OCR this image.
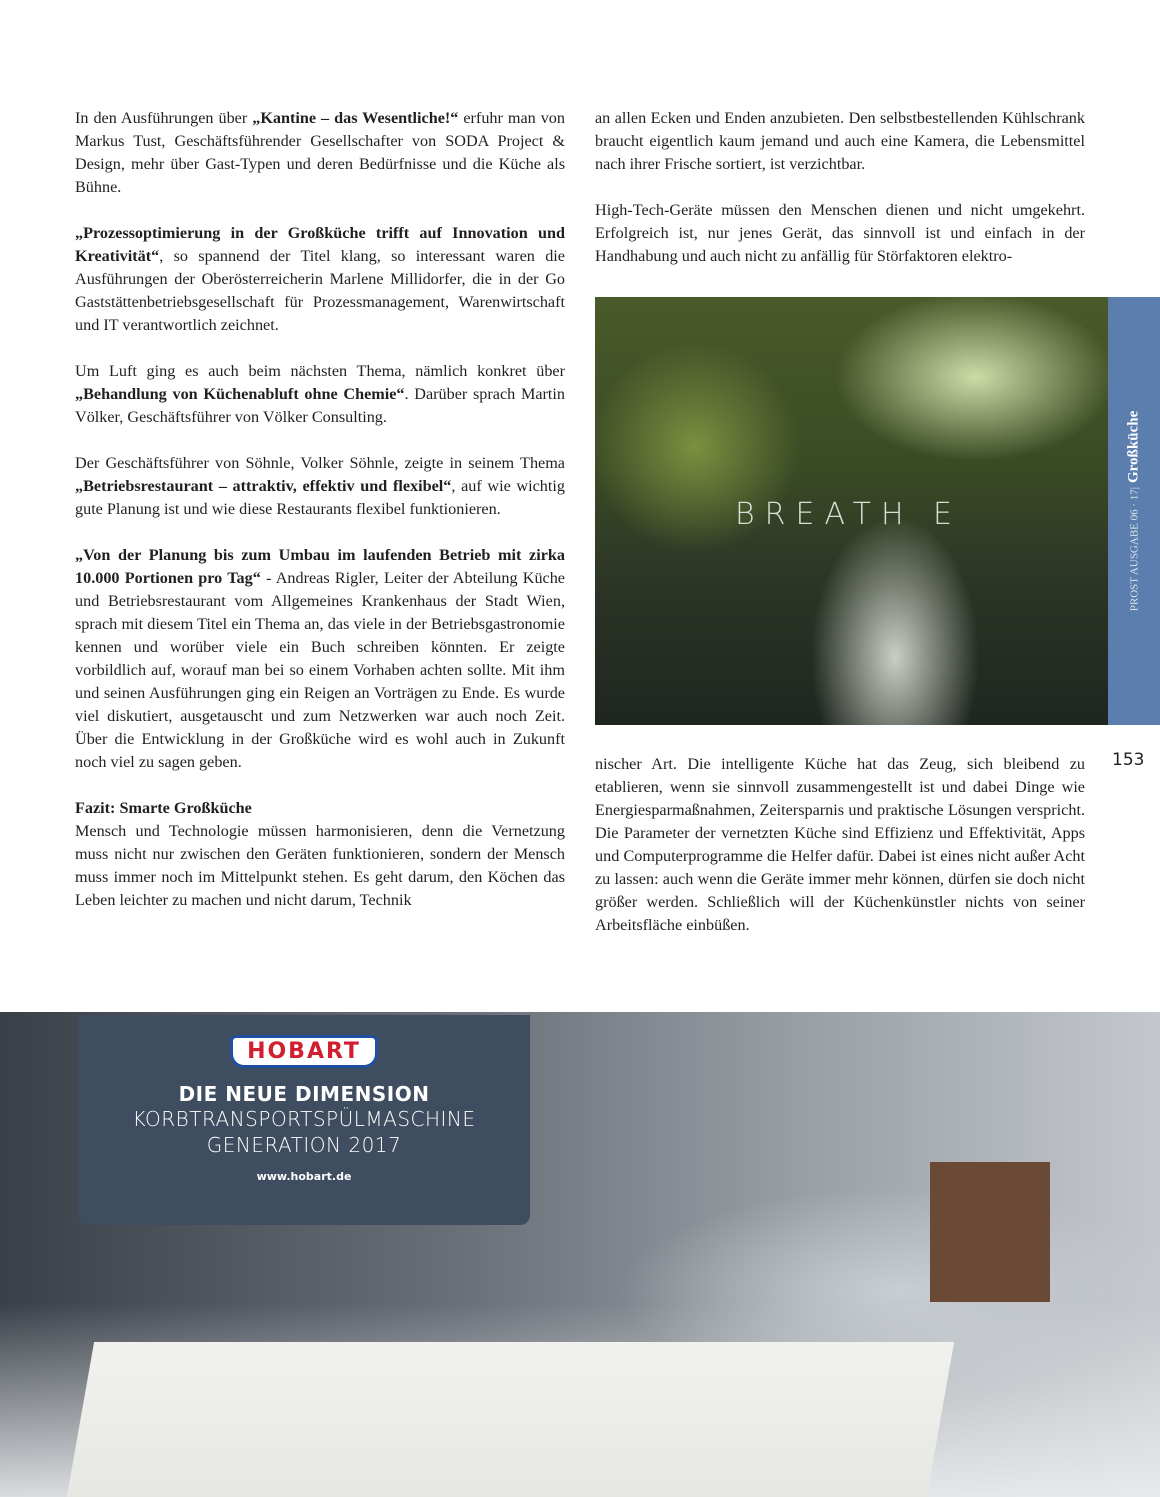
In den Ausführungen über „Kantine – das Wesentliche!“ erfuhr man von Markus Tust, Geschäftsführender Gesellschafter von SODA Project & Design, mehr über Gast-Typen und deren Bedürfnisse und die Küche als Bühne.

„Prozessoptimierung in der Großküche trifft auf Innovation und Kreativität“, so spannend der Titel klang, so interessant waren die Ausführungen der Oberösterreicherin Marlene Millidorfer, die in der Go Gaststättenbetriebsgesellschaft für Prozessmanagement, Warenwirtschaft und IT verantwortlich zeichnet.

Um Luft ging es auch beim nächsten Thema, nämlich konkret über „Behandlung von Küchenabluft ohne Chemie“. Darüber sprach Martin Völker, Geschäftsführer von Völker Consulting.

Der Geschäftsführer von Söhnle, Volker Söhnle, zeigte in seinem Thema „Betriebsrestaurant – attraktiv, effektiv und flexibel“, auf wie wichtig gute Planung ist und wie diese Restaurants flexibel funktionieren.

„Von der Planung bis zum Umbau im laufenden Betrieb mit zirka 10.000 Portionen pro Tag“ - Andreas Rigler, Leiter der Abteilung Küche und Betriebsrestaurant vom Allgemeines Krankenhaus der Stadt Wien, sprach mit diesem Titel ein Thema an, das viele in der Betriebsgastronomie kennen und worüber viele ein Buch schreiben könnten. Er zeigte vorbildlich auf, worauf man bei so einem Vorhaben achten sollte. Mit ihm und seinen Ausführungen ging ein Reigen an Vorträgen zu Ende. Es wurde viel diskutiert, ausgetauscht und zum Netzwerken war auch noch Zeit. Über die Entwicklung in der Großküche wird es wohl auch in Zukunft noch viel zu sagen geben.

Fazit: Smarte Großküche
Mensch und Technologie müssen harmonisieren, denn die Vernetzung muss nicht nur zwischen den Geräten funktionieren, sondern der Mensch muss immer noch im Mittelpunkt stehen. Es geht darum, den Köchen das Leben leichter zu machen und nicht darum, Technik

an allen Ecken und Enden anzubieten. Den selbstbestellenden Kühlschrank braucht eigentlich kaum jemand und auch eine Kamera, die Lebensmittel nach ihrer Frische sortiert, ist verzichtbar.

High-Tech-Geräte müssen den Menschen dienen und nicht umgekehrt. Erfolgreich ist, nur jenes Gerät, das sinnvoll ist und einfach in der Handhabung und auch nicht zu anfällig für Störfaktoren elektro-

BREATH E	PROST AUSGABE 06 · 17|Großküche
153

nischer Art. Die intelligente Küche hat das Zeug, sich bleibend zu etablieren, wenn sie sinnvoll zusammengestellt ist und dabei Dinge wie Energiesparmaßnahmen, Zeitersparnis und praktische Lösungen verspricht. Die Parameter der vernetzten Küche sind Effizienz und Effektivität, Apps und Computerprogramme die Helfer dafür. Dabei ist eines nicht außer Acht zu lassen: auch wenn die Geräte immer mehr können, dürfen sie doch nicht größer werden. Schließlich will der Küchenkünstler nichts von seiner Arbeitsfläche einbüßen.

HOBART
DIE NEUE DIMENSION
KORBTRANSPORTSPÜLMASCHINE
GENERATION 2017
www.hobart.de
